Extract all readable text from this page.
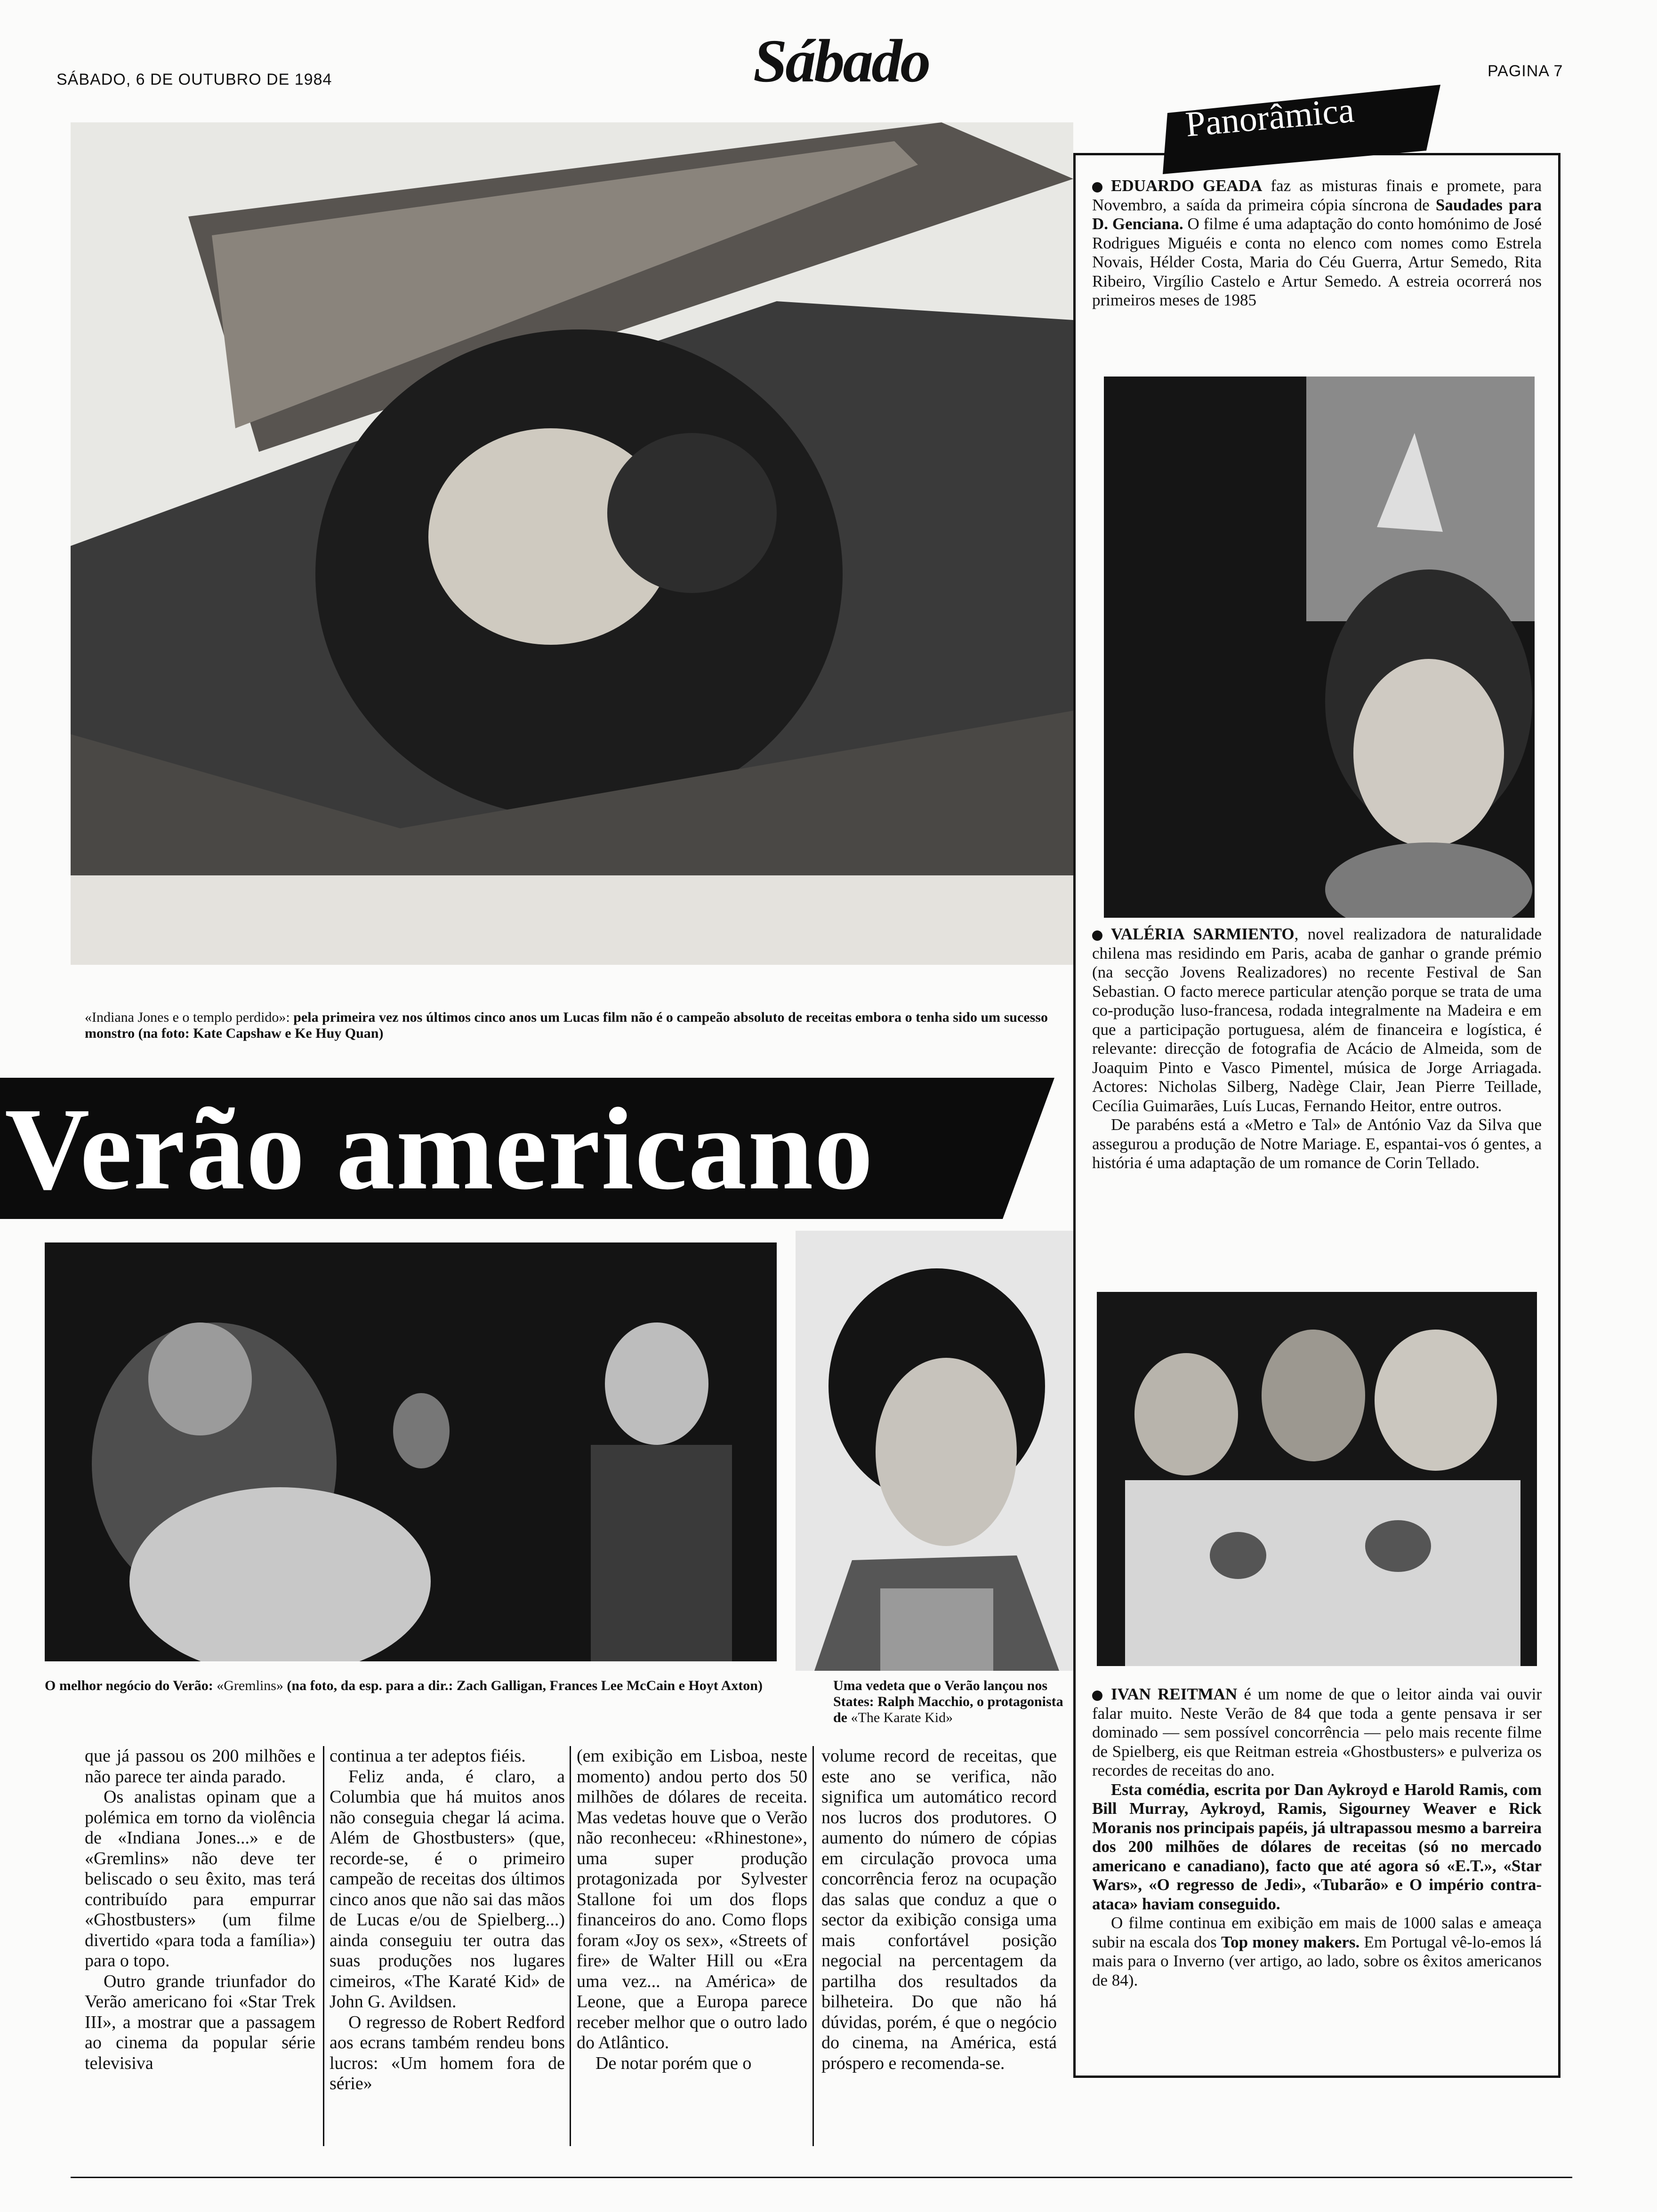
SÁBADO, 6 DE OUTUBRO DE 1984	Sábado	PAGINA 7
«Indiana Jones e o templo perdido»: pela primeira vez nos últimos cinco anos um Lucas film não é o campeão absoluto de receitas embora o tenha sido um sucesso monstro (na foto: Kate Capshaw e Ke Huy Quan)
Verão americano
O melhor negócio do Verão: «Gremlins» (na foto, da esp. para a dir.: Zach Galligan, Frances Lee McCain e Hoyt Axton)	Uma vedeta que o Verão lançou nos States: Ralph Macchio, o protagonista de «The Karate Kid»

que já passou os 200 milhões e não parece ter ainda parado.

Os analistas opinam que a polémica em torno da violência de «Indiana Jones...» e de «Gremlins» não deve ter beliscado o seu êxito, mas terá contribuído para empurrar «Ghostbusters» (um filme divertido «para toda a família») para o topo.

Outro grande triunfador do Verão americano foi «Star Trek III», a mostrar que a passagem ao cinema da popular série televisiva

continua a ter adeptos fiéis.

Feliz anda, é claro, a Columbia que há muitos anos não conseguia chegar lá acima. Além de Ghostbusters» (que, recorde-se, é o primeiro campeão de receitas dos últimos cinco anos que não sai das mãos de Lucas e/ou de Spielberg...) ainda conseguiu ter outra das suas produções nos lugares cimeiros, «The Karaté Kid» de John G. Avildsen.

O regresso de Robert Redford aos ecrans também rendeu bons lucros: «Um homem fora de série»

(em exibição em Lisboa, neste momento) andou perto dos 50 milhões de dólares de receita. Mas vedetas houve que o Verão não reconheceu: «Rhinestone», uma super produção protagonizada por Sylvester Stallone foi um dos flops financeiros do ano. Como flops foram «Joy os sex», «Streets of fire» de Walter Hill ou «Era uma vez... na América» de Leone, que a Europa parece receber melhor que o outro lado do Atlântico.

De notar porém que o

volume record de receitas, que este ano se verifica, não significa um automático record nos lucros dos produtores. O aumento do número de cópias em circulação provoca uma concorrência feroz na ocupação das salas que conduz a que o sector da exibição consiga uma mais confortável posição negocial na percentagem da partilha dos resultados da bilheteira. Do que não há dúvidas, porém, é que o negócio do cinema, na América, está próspero e recomenda-se.

Panorâmica

EDUARDO GEADA faz as misturas finais e promete, para Novembro, a saída da primeira cópia síncrona de Saudades para D. Genciana. O filme é uma adaptação do conto homónimo de José Rodrigues Miguéis e conta no elenco com nomes como Estrela Novais, Hélder Costa, Maria do Céu Guerra, Artur Semedo, Rita Ribeiro, Virgílio Castelo e Artur Semedo. A estreia ocorrerá nos primeiros meses de 1985

VALÉRIA SARMIENTO, novel realizadora de naturalidade chilena mas residindo em Paris, acaba de ganhar o grande prémio (na secção Jovens Realizadores) no recente Festival de San Sebastian. O facto merece particular atenção porque se trata de uma co-produção luso-francesa, rodada integralmente na Madeira e em que a participação portuguesa, além de financeira e logística, é relevante: direcção de fotografia de Acácio de Almeida, som de Joaquim Pinto e Vasco Pimentel, música de Jorge Arriagada. Actores: Nicholas Silberg, Nadège Clair, Jean Pierre Teillade, Cecília Guimarães, Luís Lucas, Fernando Heitor, entre outros.

De parabéns está a «Metro e Tal» de António Vaz da Silva que assegurou a produção de Notre Mariage. E, espantai-vos ó gentes, a história é uma adaptação de um romance de Corin Tellado.

IVAN REITMAN é um nome de que o leitor ainda vai ouvir falar muito. Neste Verão de 84 que toda a gente pensava ir ser dominado — sem possível concorrência — pelo mais recente filme de Spielberg, eis que Reitman estreia «Ghostbusters» e pulveriza os recordes de receitas do ano.

Esta comédia, escrita por Dan Aykroyd e Harold Ramis, com Bill Murray, Aykroyd, Ramis, Sigourney Weaver e Rick Moranis nos principais papéis, já ultrapassou mesmo a barreira dos 200 milhões de dólares de receitas (só no mercado americano e canadiano), facto que até agora só «E.T.», «Star Wars», «O regresso de Jedi», «Tubarão» e O império contra-ataca» haviam conseguido.

O filme continua em exibição em mais de 1000 salas e ameaça subir na escala dos Top money makers. Em Portugal vê-lo-emos lá mais para o Inverno (ver artigo, ao lado, sobre os êxitos americanos de 84).
